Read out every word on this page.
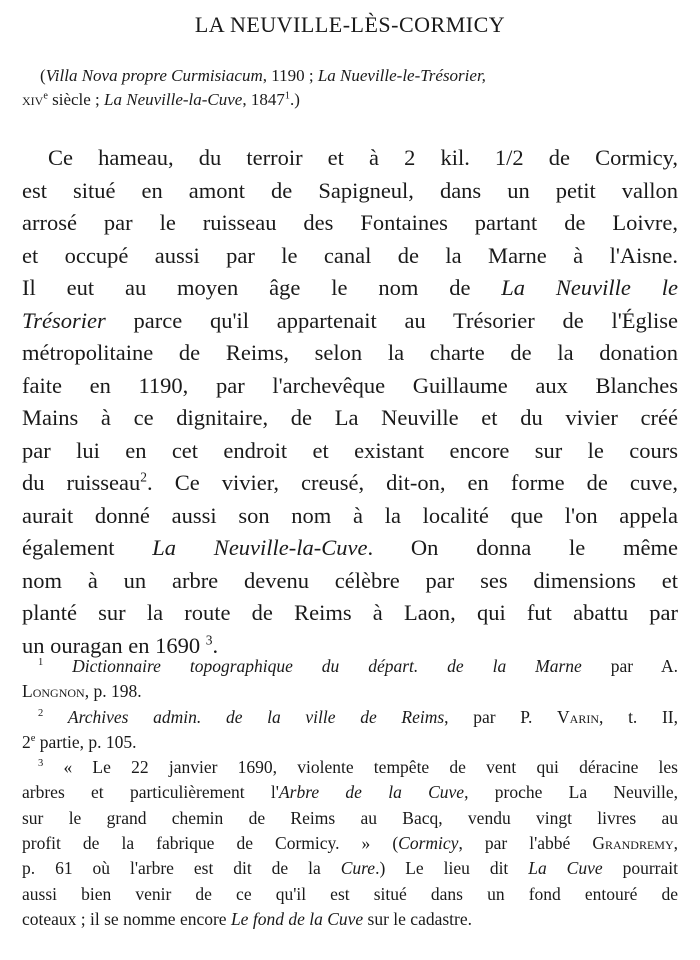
LA NEUVILLE-LÈS-CORMICY
(Villa Nova propre Curmisiacum, 1190 ; La Nueville-le-Trésorier,
xiv$^e$ siècle ; La Neuville-la-Cuve, 1847$^1$.)
Ce hameau, du terroir et à 2 kil. 1/2 de Cormicy,
est situé en amont de Sapigneul, dans un petit vallon
arrosé par le ruisseau des Fontaines partant de Loivre,
et occupé aussi par le canal de la Marne à l'Aisne.
Il eut au moyen âge le nom de La Neuville le
Trésorier parce qu'il appartenait au Trésorier de l'Église
métropolitaine de Reims, selon la charte de la donation
faite en 1190, par l'archevêque Guillaume aux Blanches
Mains à ce dignitaire, de La Neuville et du vivier créé
par lui en cet endroit et existant encore sur le cours
du ruisseau$^2$. Ce vivier, creusé, dit-on, en forme de cuve,
aurait donné aussi son nom à la localité que l'on appela
également La Neuville-la-Cuve. On donna le même
nom à un arbre devenu célèbre par ses dimensions et
planté sur la route de Reims à Laon, qui fut abattu par
un ouragan en 1690 $^3$.
$^1$ Dictionnaire topographique du départ. de la Marne par A.
Longnon, p. 198.
$^2$ Archives admin. de la ville de Reims, par P. Varin, t. II,
2e partie, p. 105.
$^3$ « Le 22 janvier 1690, violente tempête de vent qui déracine les
arbres et particulièrement l'Arbre de la Cuve, proche La Neuville,
sur le grand chemin de Reims au Bacq, vendu vingt livres au
profit de la fabrique de Cormicy. » (Cormicy, par l'abbé Grandremy,
p. 61 où l'arbre est dit de la Cure.) Le lieu dit La Cuve pourrait
aussi bien venir de ce qu'il est situé dans un fond entouré de
coteaux ; il se nomme encore Le fond de la Cuve sur le cadastre.
